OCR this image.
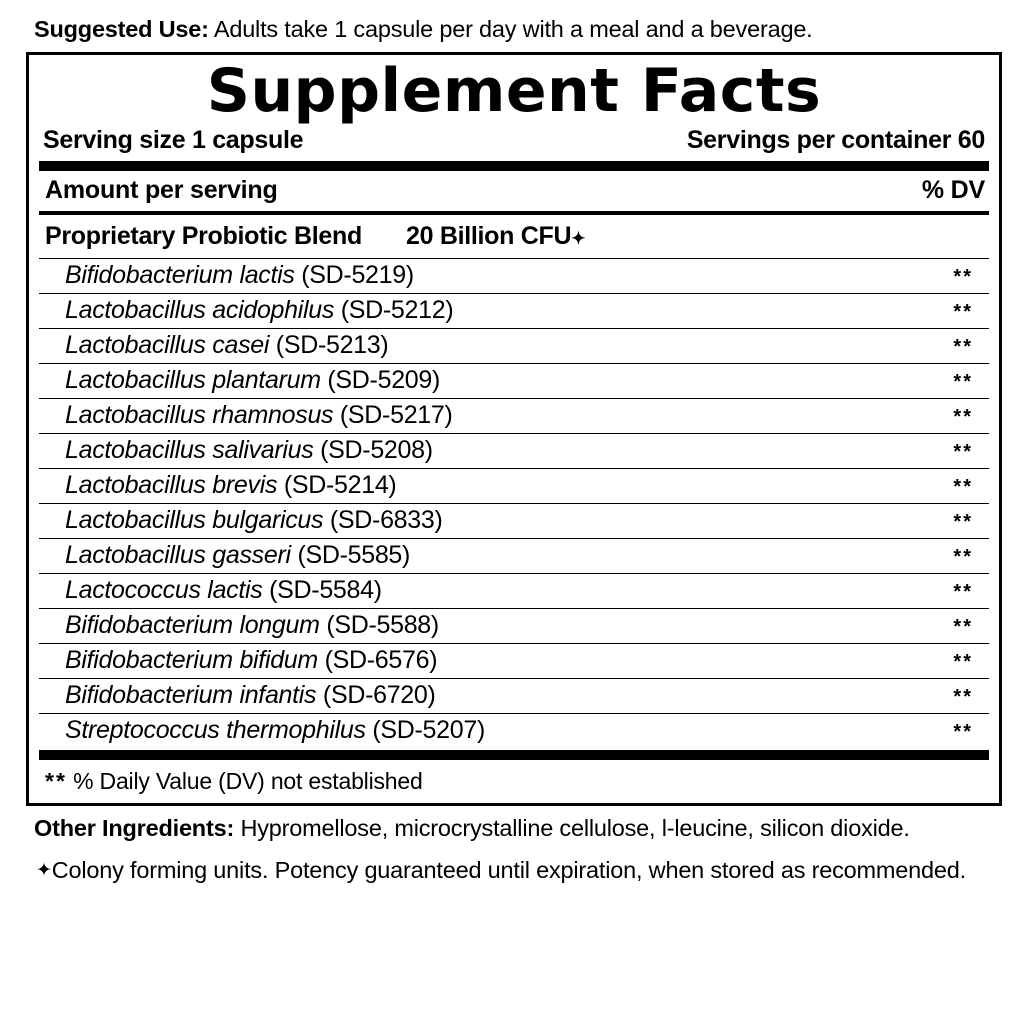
Suggested Use: Adults take 1 capsule per day with a meal and a beverage.
Supplement Facts
Serving size 1 capsule	Servings per container 60
Amount per serving	% DV
Proprietary Probiotic Blend 20 Billion CFU ✦
Bifidobacterium lactis (SD-5219)	**
Lactobacillus acidophilus (SD-5212)	**
Lactobacillus casei (SD-5213)	**
Lactobacillus plantarum (SD-5209)	**
Lactobacillus rhamnosus (SD-5217)	**
Lactobacillus salivarius (SD-5208)	**
Lactobacillus brevis (SD-5214)	**
Lactobacillus bulgaricus (SD-6833)	**
Lactobacillus gasseri (SD-5585)	**
Lactococcus lactis (SD-5584)	**
Bifidobacterium longum (SD-5588)	**
Bifidobacterium bifidum (SD-6576)	**
Bifidobacterium infantis (SD-6720)	**
Streptococcus thermophilus (SD-5207)	**
** % Daily Value (DV) not established
Other Ingredients: Hypromellose, microcrystalline cellulose, l-leucine, silicon dioxide.
✦Colony forming units. Potency guaranteed until expiration, when stored as recommended.
